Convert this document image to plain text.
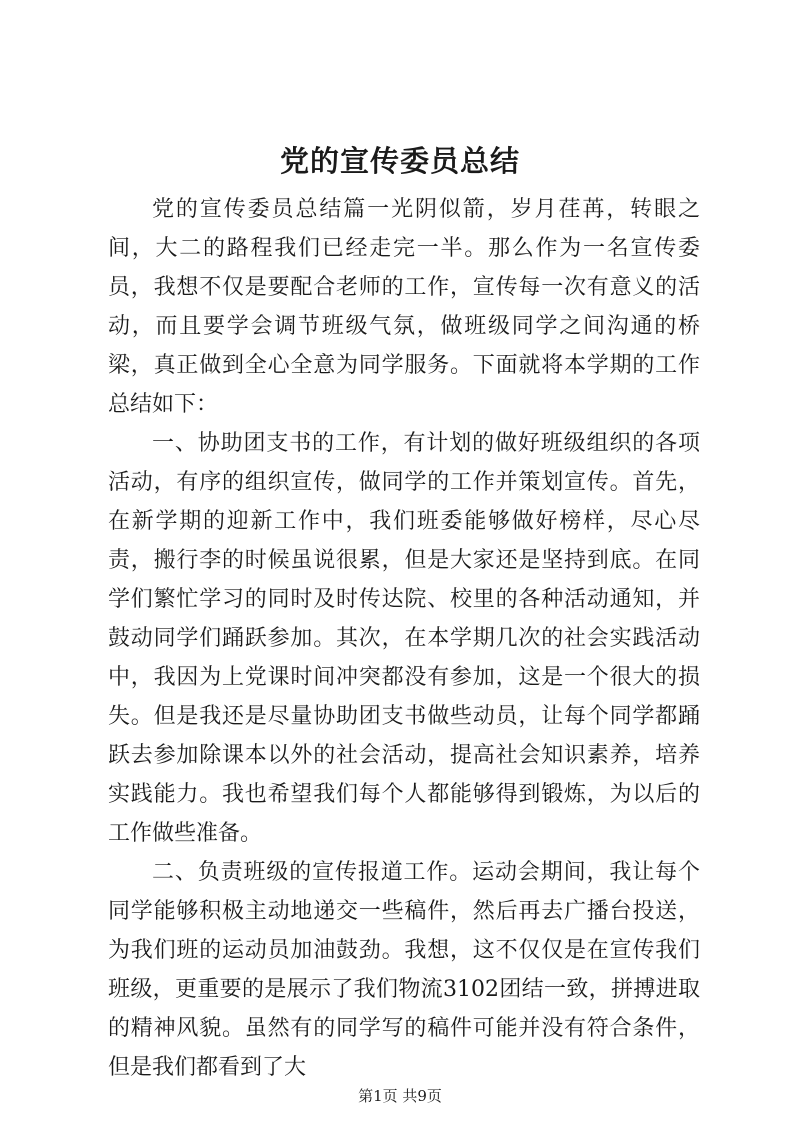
党的宣传委员总结

党的宣传委员总结篇一光阴似箭，岁月荏苒，转眼之间，大二的路程我们已经走完一半。那么作为一名宣传委员，我想不仅是要配合老师的工作，宣传每一次有意义的活动，而且要学会调节班级气氛，做班级同学之间沟通的桥梁，真正做到全心全意为同学服务。下面就将本学期的工作总结如下：

一、协助团支书的工作，有计划的做好班级组织的各项活动，有序的组织宣传，做同学的工作并策划宣传。首先，在新学期的迎新工作中，我们班委能够做好榜样，尽心尽责，搬行李的时候虽说很累，但是大家还是坚持到底。在同学们繁忙学习的同时及时传达院、校里的各种活动通知，并鼓动同学们踊跃参加。其次，在本学期几次的社会实践活动中，我因为上党课时间冲突都没有参加，这是一个很大的损失。但是我还是尽量协助团支书做些动员，让每个同学都踊跃去参加除课本以外的社会活动，提高社会知识素养，培养实践能力。我也希望我们每个人都能够得到锻炼，为以后的工作做些准备。

二、负责班级的宣传报道工作。运动会期间，我让每个同学能够积极主动地递交一些稿件，然后再去广播台投送，为我们班的运动员加油鼓劲。我想，这不仅仅是在宣传我们班级，更重要的是展示了我们物流3102团结一致，拼搏进取的精神风貌。虽然有的同学写的稿件可能并没有符合条件，但是我们都看到了大

第1页 共9页
